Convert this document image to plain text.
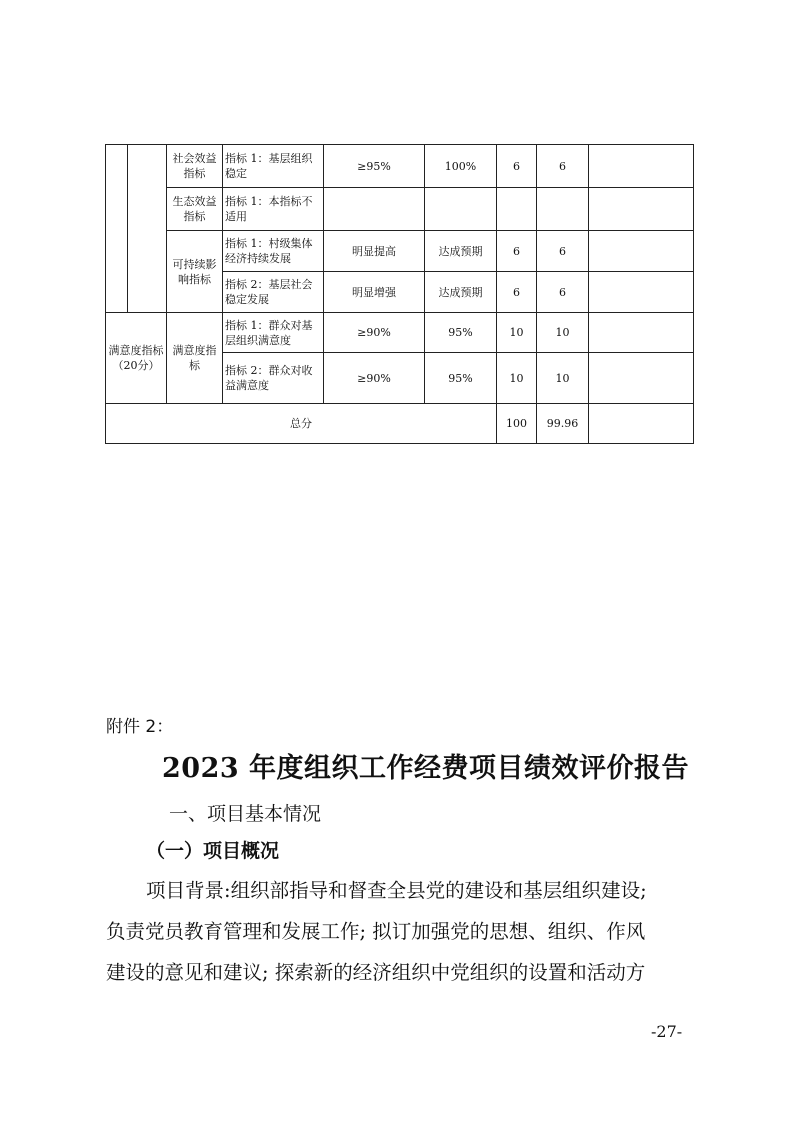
		社会效益指标	指标 1：基层组织稳定	≥95%	100%	6	6	
		生态效益指标	指标 1：本指标不适用					
		可持续影响指标	指标 1：村级集体经济持续发展	明显提高	达成预期	6	6	
			指标 2：基层社会稳定发展	明显增强	达成预期	6	6	
满意度指标（20分）		满意度指标	指标 1：群众对基层组织满意度	≥90%	95%	10	10	
			指标 2：群众对收益满意度	≥90%	95%	10	10	
总分						100	99.96	
附件 2：
2023 年度组织工作经费项目绩效评价报告
一、项目基本情况
（一）项目概况
项目背景:组织部指导和督查全县党的建设和基层组织建设;
负责党员教育管理和发展工作; 拟订加强党的思想、组织、作风
建设的意见和建议; 探索新的经济组织中党组织的设置和活动方
-27-
